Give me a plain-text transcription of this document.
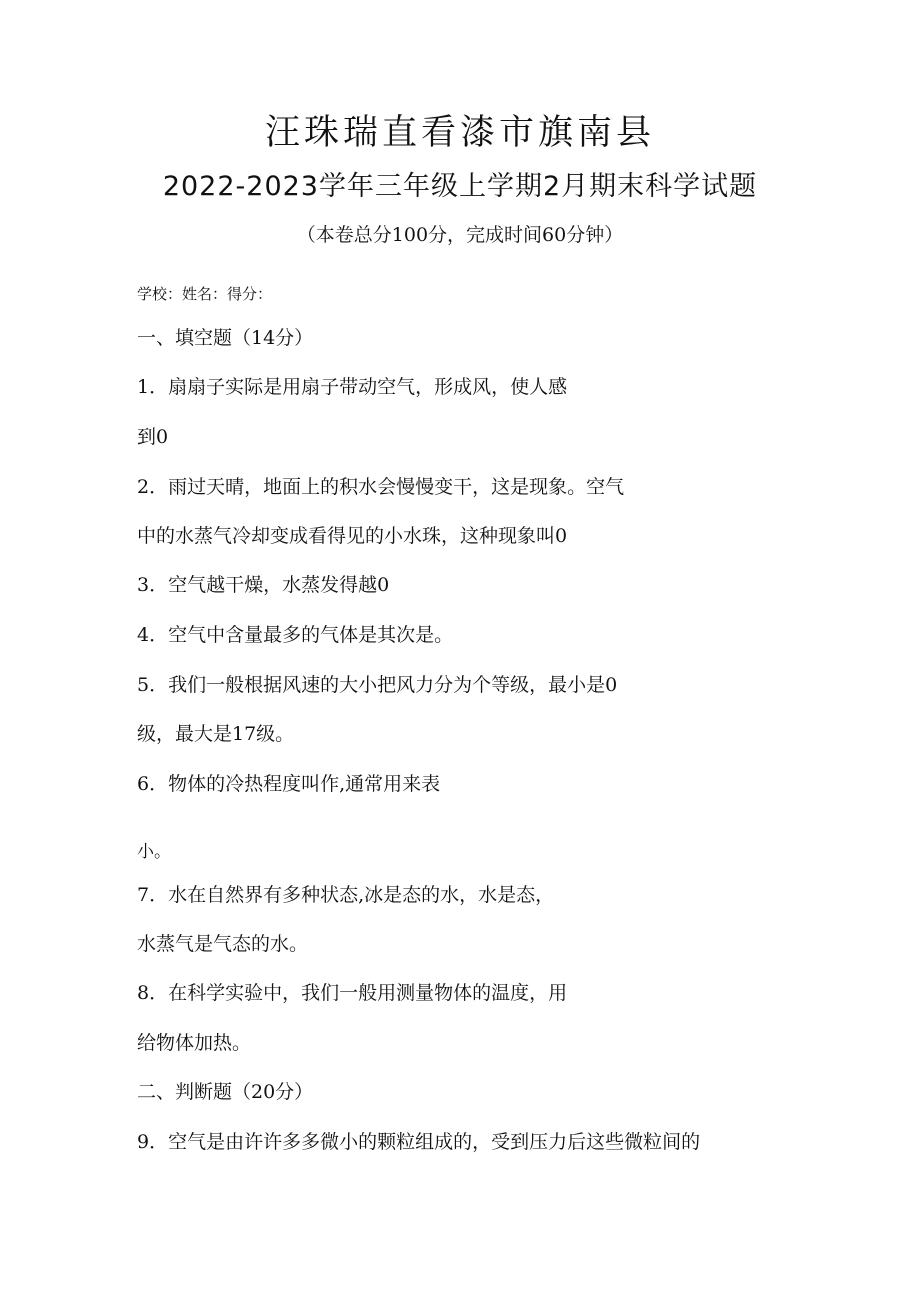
汪珠瑞直看漆市旗南县
2022-2023学年三年级上学期2月期末科学试题

（本卷总分100分，完成时间60分钟）

学校：姓名：得分：

一、填空题（14分）

1．扇扇子实际是用扇子带动空气，形成风，使人感

到0

2．雨过天晴，地面上的积水会慢慢变干，这是现象。空气

中的水蒸气冷却变成看得见的小水珠，这种现象叫0

3．空气越干燥，水蒸发得越0

4．空气中含量最多的气体是其次是。

5．我们一般根据风速的大小把风力分为个等级，最小是0

级，最大是17级。

6．物体的冷热程度叫作,通常用来表

小。

7．水在自然界有多种状态,冰是态的水，水是态，

水蒸气是气态的水。

8．在科学实验中，我们一般用测量物体的温度，用

给物体加热。

二、判断题（20分）

9．空气是由许许多多微小的颗粒组成的，受到压力后这些微粒间的
